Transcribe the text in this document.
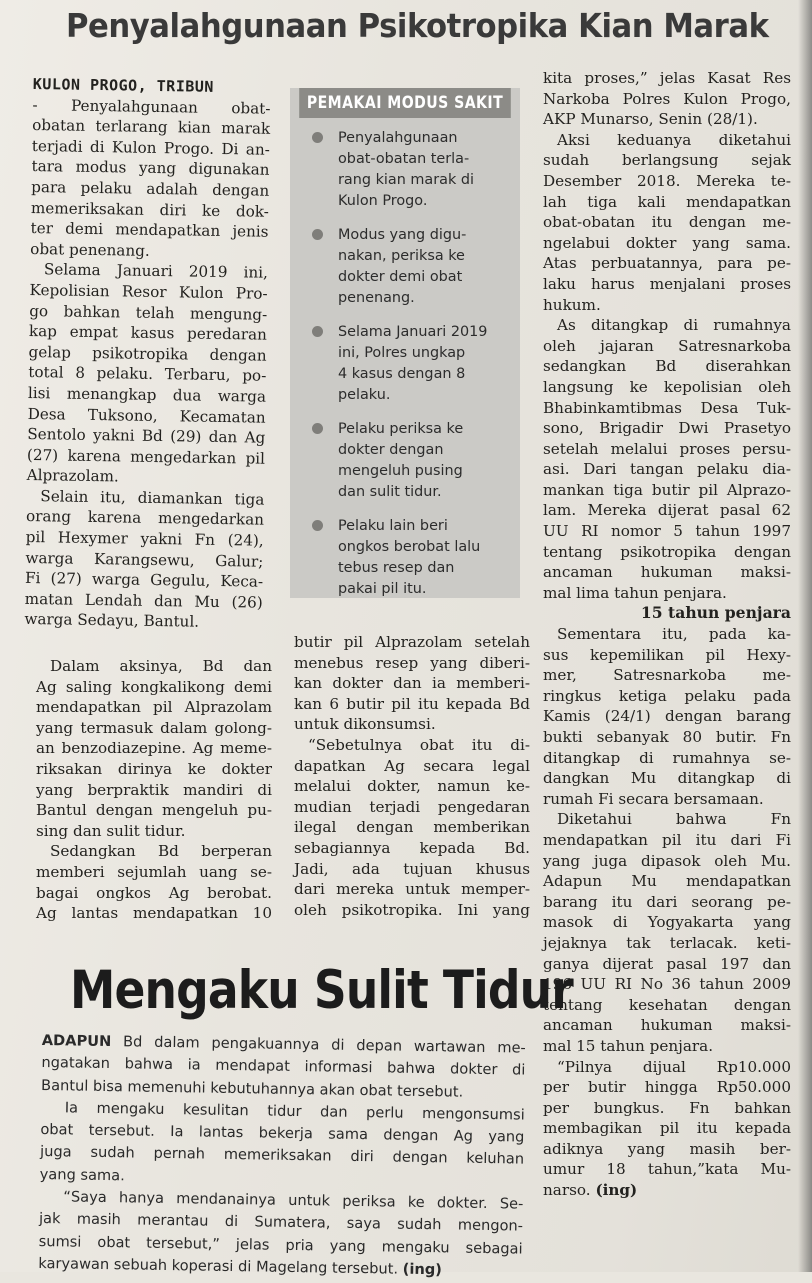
Penyalahgunaan Psikotropika Kian Marak

KULON PROGO, TRIBUN

- Penyalahgunaan obat-

obatan terlarang kian marak

terjadi di Kulon Progo. Di an-

tara modus yang digunakan

para pelaku adalah dengan

memeriksakan diri ke dok-

ter demi mendapatkan jenis

obat penenang.

Selama Januari 2019 ini,

Kepolisian Resor Kulon Pro-

go bahkan telah mengung-

kap empat kasus peredaran

gelap psikotropika dengan

total 8 pelaku. Terbaru, po-

lisi menangkap dua warga

Desa Tuksono, Kecamatan

Sentolo yakni Bd (29) dan Ag

(27) karena mengedarkan pil

Alprazolam.

Selain itu, diamankan tiga

orang karena mengedarkan

pil Hexymer yakni Fn (24),

warga Karangsewu, Galur;

Fi (27) warga Gegulu, Keca-

matan Lendah dan Mu (26)

warga Sedayu, Bantul.

PEMAKAI MODUS SAKIT
Penyalahgunaan
obat-obatan terla-
rang kian marak di
Kulon Progo.
Modus yang digu-
nakan, periksa ke
dokter demi obat
penenang.
Selama Januari 2019
ini, Polres ungkap
4 kasus dengan 8
pelaku.
Pelaku periksa ke
dokter dengan
mengeluh pusing
dan sulit tidur.
Pelaku lain beri
ongkos berobat lalu
tebus resep dan
pakai pil itu.

Dalam aksinya, Bd dan

Ag saling kongkalikong demi

mendapatkan pil Alprazolam

yang termasuk dalam golong-

an benzodiazepine. Ag meme-

riksakan dirinya ke dokter

yang berpraktik mandiri di

Bantul dengan mengeluh pu-

sing dan sulit tidur.

Sedangkan Bd berperan

memberi sejumlah uang se-

bagai ongkos Ag berobat.

Ag lantas mendapatkan 10

butir pil Alprazolam setelah

menebus resep yang diberi-

kan dokter dan ia memberi-

kan 6 butir pil itu kepada Bd

untuk dikonsumsi.

“Sebetulnya obat itu di-

dapatkan Ag secara legal

melalui dokter, namun ke-

mudian terjadi pengedaran

ilegal dengan memberikan

sebagiannya kepada Bd.

Jadi, ada tujuan khusus

dari mereka untuk memper-

oleh psikotropika. Ini yang

kita proses,” jelas Kasat Res

Narkoba Polres Kulon Progo,

AKP Munarso, Senin (28/1).

Aksi keduanya diketahui

sudah berlangsung sejak

Desember 2018. Mereka te-

lah tiga kali mendapatkan

obat-obatan itu dengan me-

ngelabui dokter yang sama.

Atas perbuatannya, para pe-

laku harus menjalani proses

hukum.

As ditangkap di rumahnya

oleh jajaran Satresnarkoba

sedangkan Bd diserahkan

langsung ke kepolisian oleh

Bhabinkamtibmas Desa Tuk-

sono, Brigadir Dwi Prasetyo

setelah melalui proses persu-

asi. Dari tangan pelaku dia-

mankan tiga butir pil Alprazo-

lam. Mereka dijerat pasal 62

UU RI nomor 5 tahun 1997

tentang psikotropika dengan

ancaman hukuman maksi-

mal lima tahun penjara.

15 tahun penjara

Sementara itu, pada ka-

sus kepemilikan pil Hexy-

mer, Satresnarkoba me-

ringkus ketiga pelaku pada

Kamis (24/1) dengan barang

bukti sebanyak 80 butir. Fn

ditangkap di rumahnya se-

dangkan Mu ditangkap di

rumah Fi secara bersamaan.

Diketahui bahwa Fn

mendapatkan pil itu dari Fi

yang juga dipasok oleh Mu.

Adapun Mu mendapatkan

barang itu dari seorang pe-

masok di Yogyakarta yang

jejaknya tak terlacak. keti-

ganya dijerat pasal 197 dan

196 UU RI No 36 tahun 2009

tentang kesehatan dengan

ancaman hukuman maksi-

mal 15 tahun penjara.

“Pilnya dijual Rp10.000

per butir hingga Rp50.000

per bungkus. Fn bahkan

membagikan pil itu kepada

adiknya yang masih ber-

umur 18 tahun,”kata Mu-

narso. (ing)

Mengaku Sulit Tidur

ADAPUN Bd dalam pengakuannya di depan wartawan me-

ngatakan bahwa ia mendapat informasi bahwa dokter di

Bantul bisa memenuhi kebutuhannya akan obat tersebut.

Ia mengaku kesulitan tidur dan perlu mengonsumsi

obat tersebut. Ia lantas bekerja sama dengan Ag yang

juga sudah pernah memeriksakan diri dengan keluhan

yang sama.

“Saya hanya mendanainya untuk periksa ke dokter. Se-

jak masih merantau di Sumatera, saya sudah mengon-

sumsi obat tersebut,” jelas pria yang mengaku sebagai

karyawan sebuah koperasi di Magelang tersebut. (ing)
